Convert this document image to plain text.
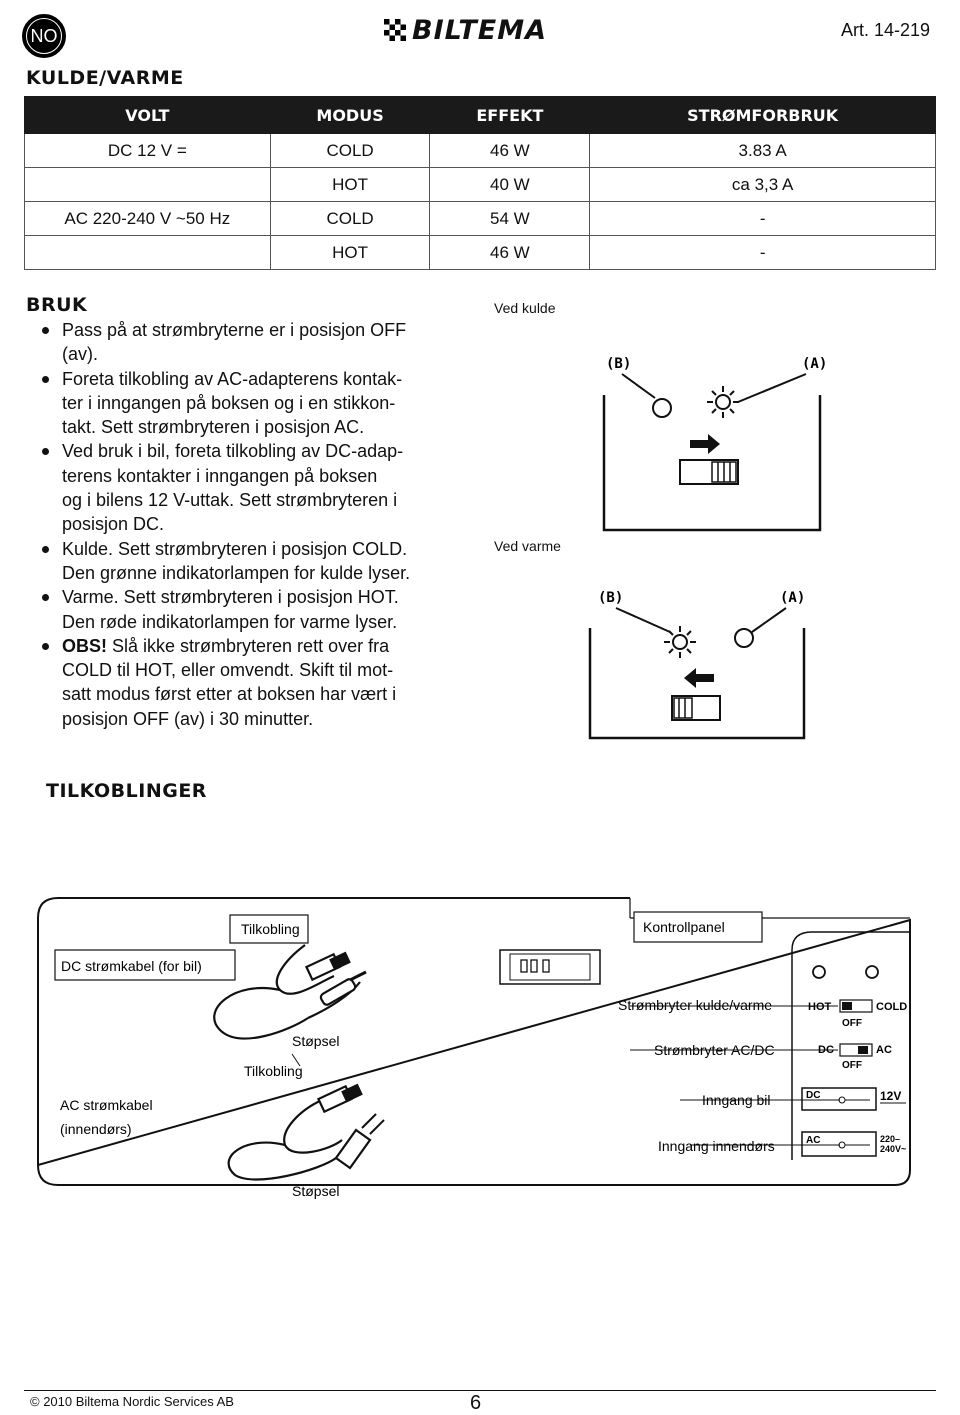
NO	BILTEMA	Art. 14-219
KULDE/VARME
VOLT	MODUS	EFFEKT	STRØMFORBRUK
DC 12 V =	COLD	46 W	3.83 A
	HOT	40 W	ca 3,3 A
AC 220-240 V ~50 Hz	COLD	54 W	-
	HOT	46 W	-
BRUK
Pass på at strømbryterne er i posisjon OFF
(av).
Foreta tilkobling av AC-adapterens kontak-
ter i inngangen på boksen og i en stikkon-
takt. Sett strømbryteren i posisjon AC.
Ved bruk i bil, foreta tilkobling av DC-adap-
terens kontakter i inngangen på boksen
og i bilens 12 V-uttak. Sett strømbryteren i
posisjon DC.
Kulde. Sett strømbryteren i posisjon COLD.
Den grønne indikatorlampen for kulde lyser.
Varme. Sett strømbryteren i posisjon HOT.
Den røde indikatorlampen for varme lyser.
OBS! Slå ikke strømbryteren rett over fra
COLD til HOT, eller omvendt. Skift til mot-
satt modus først etter at boksen har vært i
posisjon OFF (av) i 30 minutter.
Ved kulde
Ved varme
(B)	(A)
(B)	(A)
TILKOBLINGER
DC strømkabel (for bil)
Tilkobling	Kontrollpanel
HOT	COLD
OFF
DC	AC
OFF
DC	12V
AC	220–
240V~
Strømbryter kulde/varme
Strømbryter AC/DC
Inngang bil
Inngang innendørs
Støpsel
Tilkobling
AC strømkabel
(innendørs)
Støpsel
© 2010 Biltema Nordic Services AB	6
